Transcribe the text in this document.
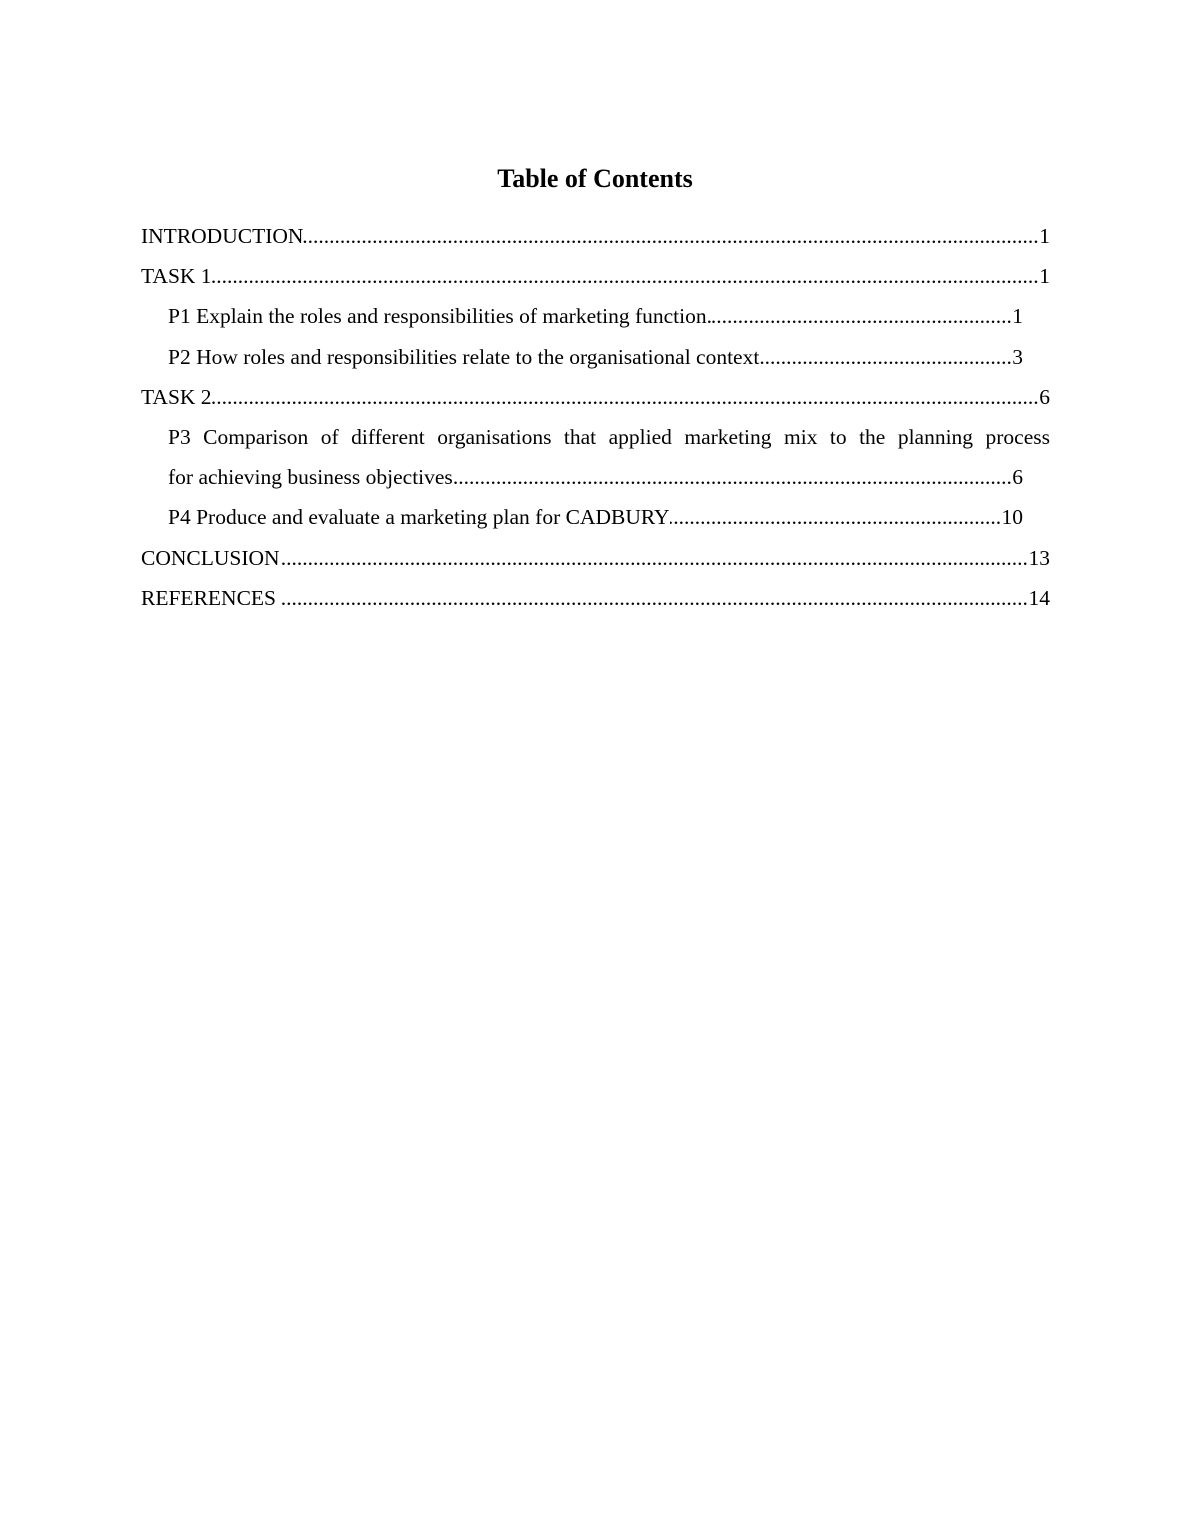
Table of Contents
.....
INTRODUCTION	1
.....
TASK 1	1
.....
P1 Explain the roles and responsibilities of marketing function.	1
.....
P2 How roles and responsibilities relate to the organisational context.	3
.....
TASK 2	6
P3 Comparison of different organisations that applied marketing mix to the planning process
.....
for achieving business objectives	6
.....
P4 Produce and evaluate a marketing plan for CADBURY	10
.....
CONCLUSION	13
.....
REFERENCES	14
